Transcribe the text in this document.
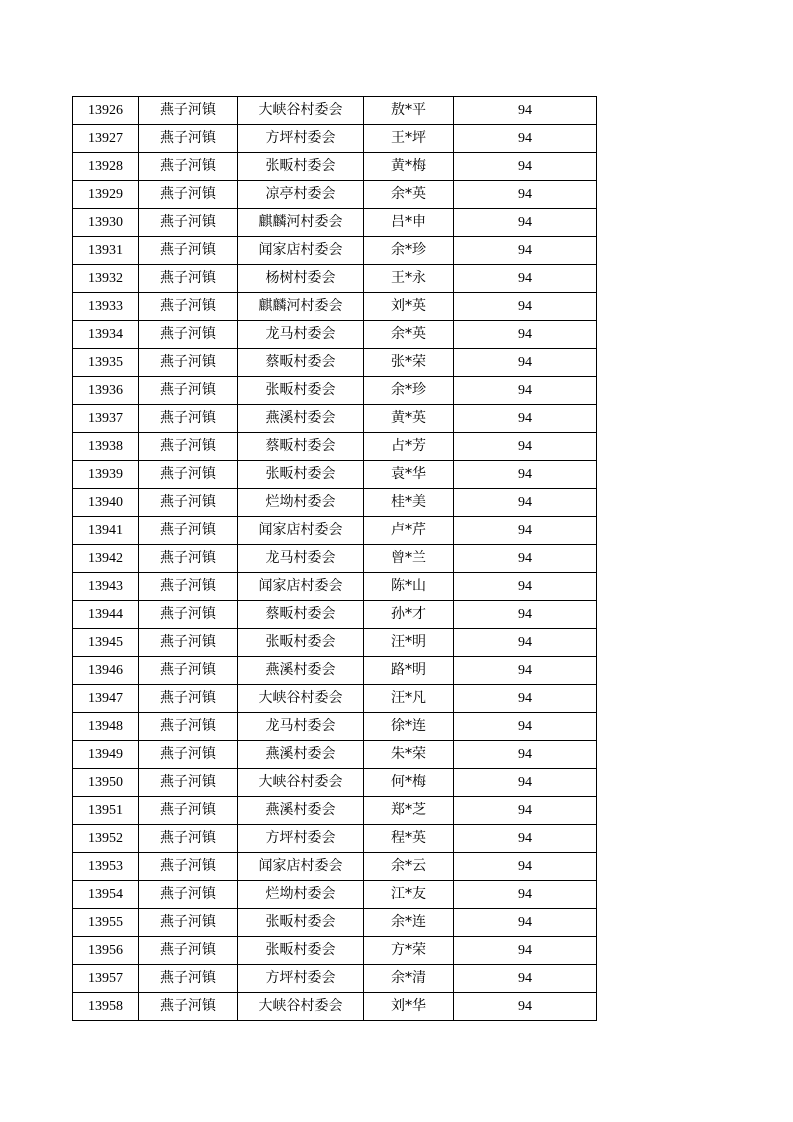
13926	燕子河镇	大峡谷村委会	敖*平	94
13927	燕子河镇	方坪村委会	王*坪	94
13928	燕子河镇	张畈村委会	黄*梅	94
13929	燕子河镇	凉亭村委会	余*英	94
13930	燕子河镇	麒麟河村委会	吕*申	94
13931	燕子河镇	闻家店村委会	余*珍	94
13932	燕子河镇	杨树村委会	王*永	94
13933	燕子河镇	麒麟河村委会	刘*英	94
13934	燕子河镇	龙马村委会	余*英	94
13935	燕子河镇	蔡畈村委会	张*荣	94
13936	燕子河镇	张畈村委会	余*珍	94
13937	燕子河镇	燕溪村委会	黄*英	94
13938	燕子河镇	蔡畈村委会	占*芳	94
13939	燕子河镇	张畈村委会	袁*华	94
13940	燕子河镇	烂坳村委会	桂*美	94
13941	燕子河镇	闻家店村委会	卢*芹	94
13942	燕子河镇	龙马村委会	曾*兰	94
13943	燕子河镇	闻家店村委会	陈*山	94
13944	燕子河镇	蔡畈村委会	孙*才	94
13945	燕子河镇	张畈村委会	汪*明	94
13946	燕子河镇	燕溪村委会	路*明	94
13947	燕子河镇	大峡谷村委会	汪*凡	94
13948	燕子河镇	龙马村委会	徐*连	94
13949	燕子河镇	燕溪村委会	朱*荣	94
13950	燕子河镇	大峡谷村委会	何*梅	94
13951	燕子河镇	燕溪村委会	郑*芝	94
13952	燕子河镇	方坪村委会	程*英	94
13953	燕子河镇	闻家店村委会	余*云	94
13954	燕子河镇	烂坳村委会	江*友	94
13955	燕子河镇	张畈村委会	余*连	94
13956	燕子河镇	张畈村委会	方*荣	94
13957	燕子河镇	方坪村委会	余*清	94
13958	燕子河镇	大峡谷村委会	刘*华	94
